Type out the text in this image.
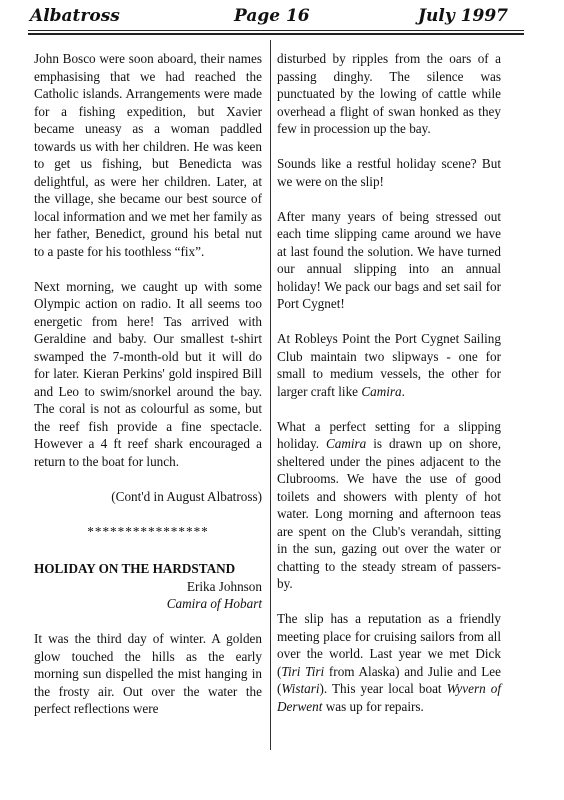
Albatross	Page 16	July 1997

John Bosco were soon aboard, their names emphasising that we had reached the Catholic islands. Arrangements were made for a fishing expedition, but Xavier became uneasy as a woman paddled towards us with her children. He was keen to get us fishing, but Benedicta was delightful, as were her children. Later, at the village, she became our best source of local information and we met her family as her father, Benedict, ground his betal nut to a paste for his toothless “fix”.

Next morning, we caught up with some Olympic action on radio. It all seems too energetic from here! Tas arrived with Geraldine and baby. Our smallest t-shirt swamped the 7-month-old but it will do for later. Kieran Perkins' gold inspired Bill and Leo to swim/snorkel around the bay. The coral is not as colourful as some, but the reef fish provide a fine spectacle. However a 4 ft reef shark encouraged a return to the boat for lunch.

(Cont'd in August Albatross)

****************

HOLIDAY ON THE HARDSTAND

Erika Johnson

Camira of Hobart

It was the third day of winter. A golden glow touched the hills as the early morning sun dispelled the mist hanging in the frosty air. Out over the water the perfect reflections were

disturbed by ripples from the oars of a passing dinghy. The silence was punctuated by the lowing of cattle while overhead a flight of swan honked as they few in procession up the bay.

Sounds like a restful holiday scene? But we were on the slip!

After many years of being stressed out each time slipping came around we have at last found the solution. We have turned our annual slipping into an annual holiday! We pack our bags and set sail for Port Cygnet!

At Robleys Point the Port Cygnet Sailing Club maintain two slipways - one for small to medium vessels, the other for larger craft like Camira.

What a perfect setting for a slipping holiday. Camira is drawn up on shore, sheltered under the pines adjacent to the Clubrooms. We have the use of good toilets and showers with plenty of hot water. Long morning and afternoon teas are spent on the Club's verandah, sitting in the sun, gazing out over the water or chatting to the steady stream of passers-by.

The slip has a reputation as a friendly meeting place for cruising sailors from all over the world. Last year we met Dick (Tiri Tiri from Alaska) and Julie and Lee (Wistari). This year local boat Wyvern of Derwent was up for repairs.
